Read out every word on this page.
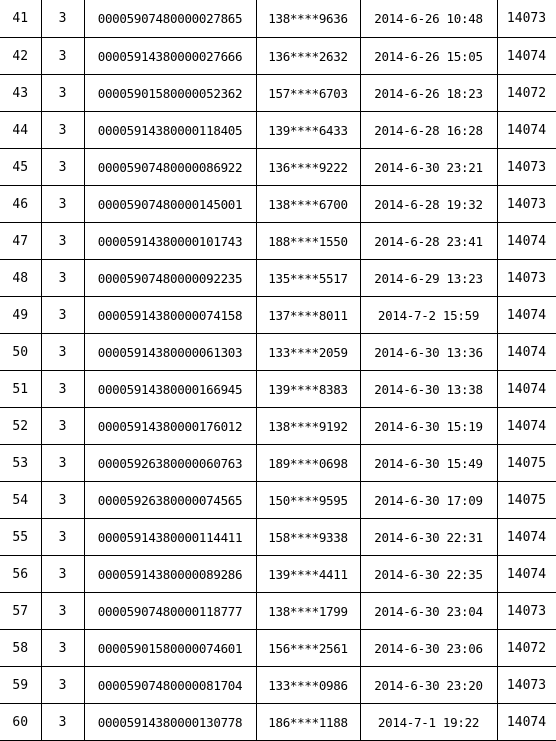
41	3	00005907480000027865	138****9636	2014-6-26 10:48	14073
42	3	00005914380000027666	136****2632	2014-6-26 15:05	14074
43	3	00005901580000052362	157****6703	2014-6-26 18:23	14072
44	3	00005914380000118405	139****6433	2014-6-28 16:28	14074
45	3	00005907480000086922	136****9222	2014-6-30 23:21	14073
46	3	00005907480000145001	138****6700	2014-6-28 19:32	14073
47	3	00005914380000101743	188****1550	2014-6-28 23:41	14074
48	3	00005907480000092235	135****5517	2014-6-29 13:23	14073
49	3	00005914380000074158	137****8011	2014-7-2 15:59	14074
50	3	00005914380000061303	133****2059	2014-6-30 13:36	14074
51	3	00005914380000166945	139****8383	2014-6-30 13:38	14074
52	3	00005914380000176012	138****9192	2014-6-30 15:19	14074
53	3	00005926380000060763	189****0698	2014-6-30 15:49	14075
54	3	00005926380000074565	150****9595	2014-6-30 17:09	14075
55	3	00005914380000114411	158****9338	2014-6-30 22:31	14074
56	3	00005914380000089286	139****4411	2014-6-30 22:35	14074
57	3	00005907480000118777	138****1799	2014-6-30 23:04	14073
58	3	00005901580000074601	156****2561	2014-6-30 23:06	14072
59	3	00005907480000081704	133****0986	2014-6-30 23:20	14073
60	3	00005914380000130778	186****1188	2014-7-1 19:22	14074
